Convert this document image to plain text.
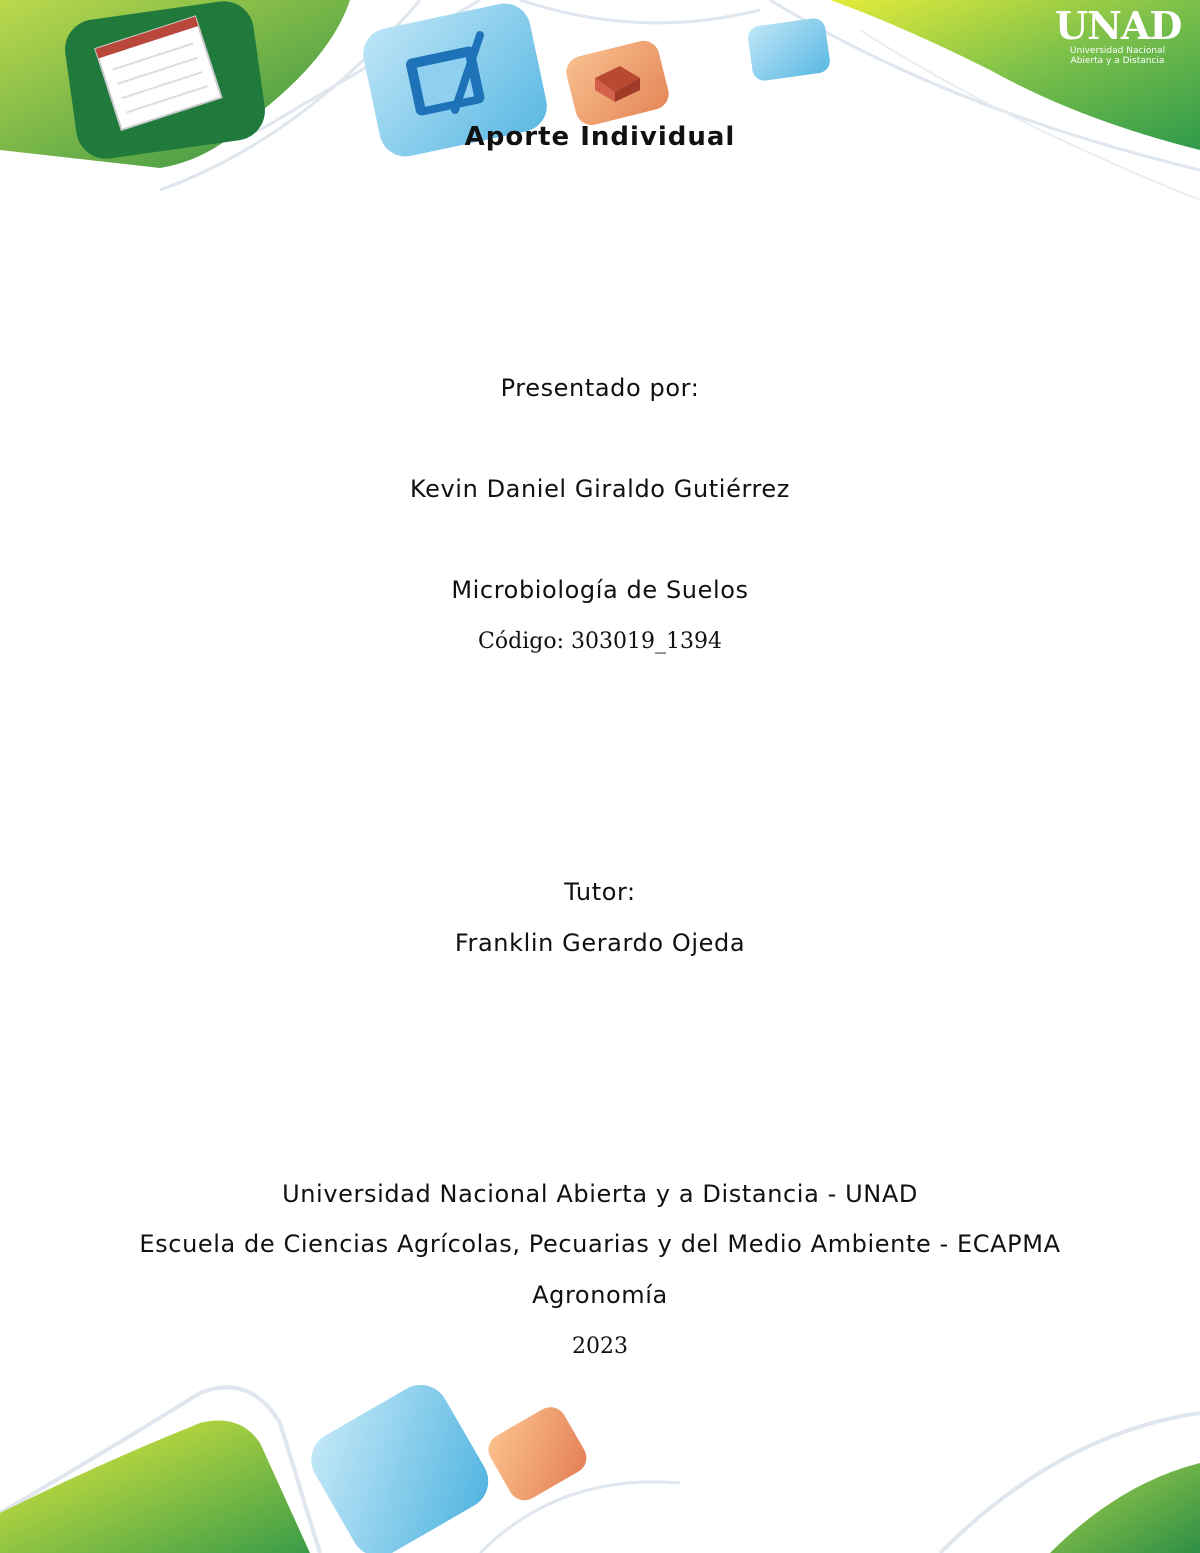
UNAD
Universidad Nacional
Abierta y a Distancia
Aporte Individual
Presentado por:
Kevin Daniel Giraldo Gutiérrez
Microbiología de Suelos
Código: 303019_1394
Tutor:
Franklin Gerardo Ojeda
Universidad Nacional Abierta y a Distancia - UNAD
Escuela de Ciencias Agrícolas, Pecuarias y del Medio Ambiente - ECAPMA
Agronomía
2023
